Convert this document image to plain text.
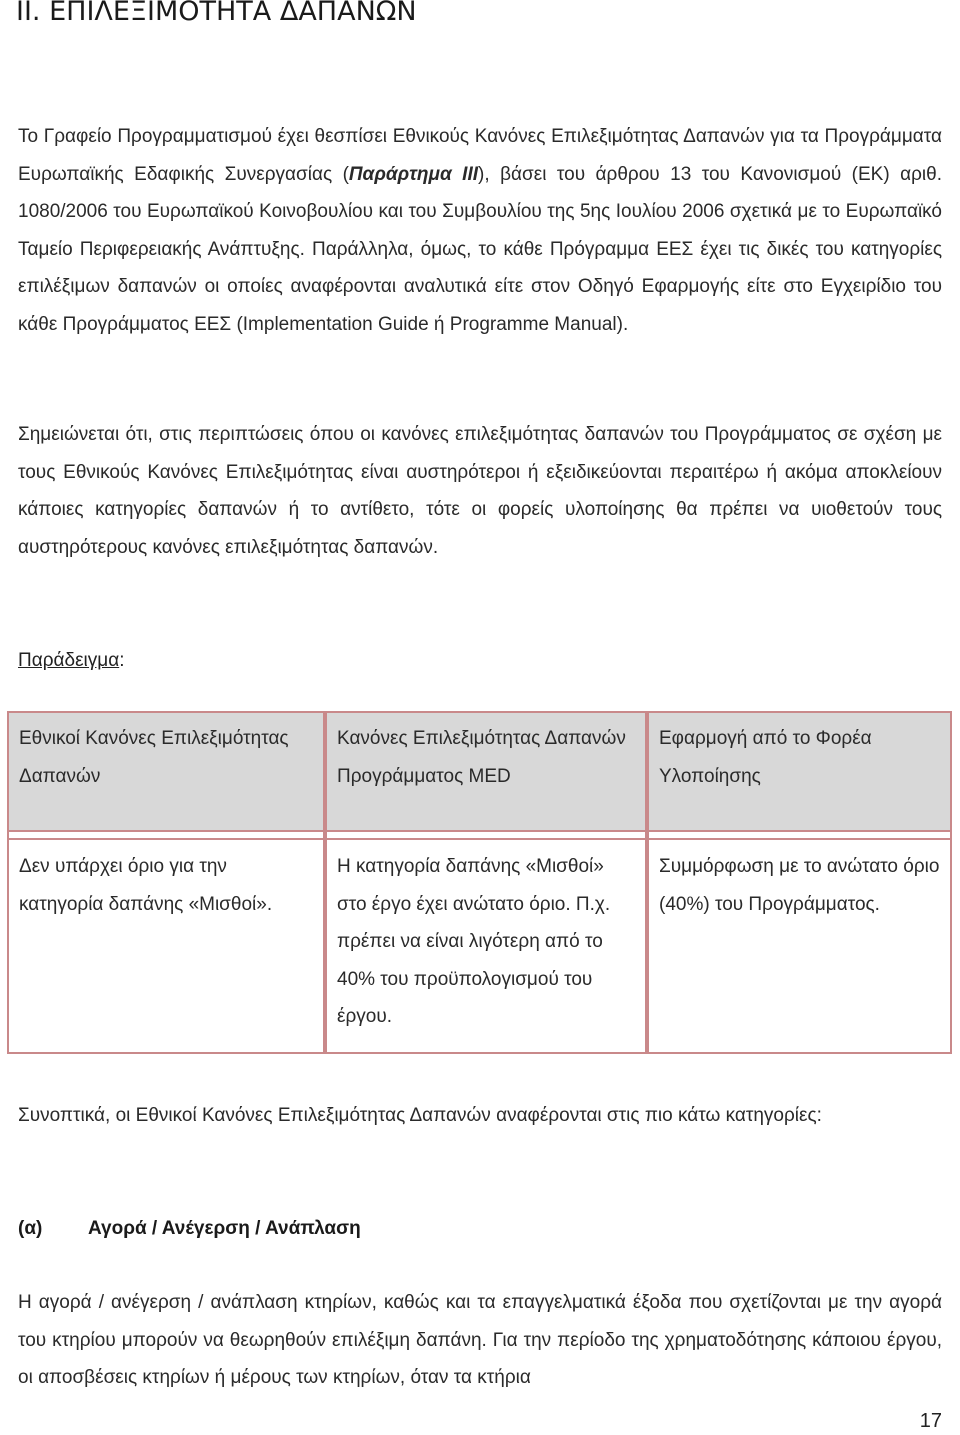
II. ΕΠΙΛΕΞΙΜΟΤΗΤΑ ΔΑΠΑΝΩΝ

Το Γραφείο Προγραμματισμού έχει θεσπίσει Εθνικούς Κανόνες Επιλεξιμότητας Δαπανών για τα Προγράμματα Ευρωπαϊκής Εδαφικής Συνεργασίας (Παράρτημα ΙΙΙ), βάσει του άρθρου 13 του Κανονισμού (ΕΚ) αριθ. 1080/2006 του Ευρωπαϊκού Κοινοβουλίου και του Συμβουλίου της 5ης Ιουλίου 2006 σχετικά με το Ευρωπαϊκό Ταμείο Περιφερειακής Ανάπτυξης. Παράλληλα, όμως, το κάθε Πρόγραμμα ΕΕΣ έχει τις δικές του κατηγορίες επιλέξιμων δαπανών οι οποίες αναφέρονται αναλυτικά είτε στον Οδηγό Εφαρμογής είτε στο Εγχειρίδιο του κάθε Προγράμματος ΕΕΣ (Implementation Guide ή Programme Manual).

Σημειώνεται ότι, στις περιπτώσεις όπου οι κανόνες επιλεξιμότητας δαπανών του Προγράμματος σε σχέση με τους Εθνικούς Κανόνες Επιλεξιμότητας είναι αυστηρότεροι ή εξειδικεύονται περαιτέρω ή ακόμα αποκλείουν κάποιες κατηγορίες δαπανών ή το αντίθετο, τότε οι φορείς υλοποίησης θα πρέπει να υιοθετούν τους αυστηρότερους κανόνες επιλεξιμότητας δαπανών.

Παράδειγμα:

Εθνικοί Κανόνες Επιλεξιμότητας Δαπανών	Κανόνες Επιλεξιμότητας Δαπανών Προγράμματος MED	Εφαρμογή από το Φορέα Υλοποίησης

Δεν υπάρχει όριο για την κατηγορία δαπάνης «Μισθοί».	Η κατηγορία δαπάνης «Μισθοί» στο έργο έχει ανώτατο όριο. Π.χ. πρέπει να είναι λιγότερη από το 40% του προϋπολογισμού του έργου.	Συμμόρφωση με το ανώτατο όριο (40%) του Προγράμματος.

Συνοπτικά, οι Εθνικοί Κανόνες Επιλεξιμότητας Δαπανών αναφέρονται στις πιο κάτω κατηγορίες:

(α) Αγορά / Ανέγερση / Ανάπλαση

Η αγορά / ανέγερση / ανάπλαση κτηρίων, καθώς και τα επαγγελματικά έξοδα που σχετίζονται με την αγορά του κτηρίου μπορούν να θεωρηθούν επιλέξιμη δαπάνη. Για την περίοδο της χρηματοδότησης κάποιου έργου, οι αποσβέσεις κτηρίων ή μέρους των κτηρίων, όταν τα κτήρια

17
